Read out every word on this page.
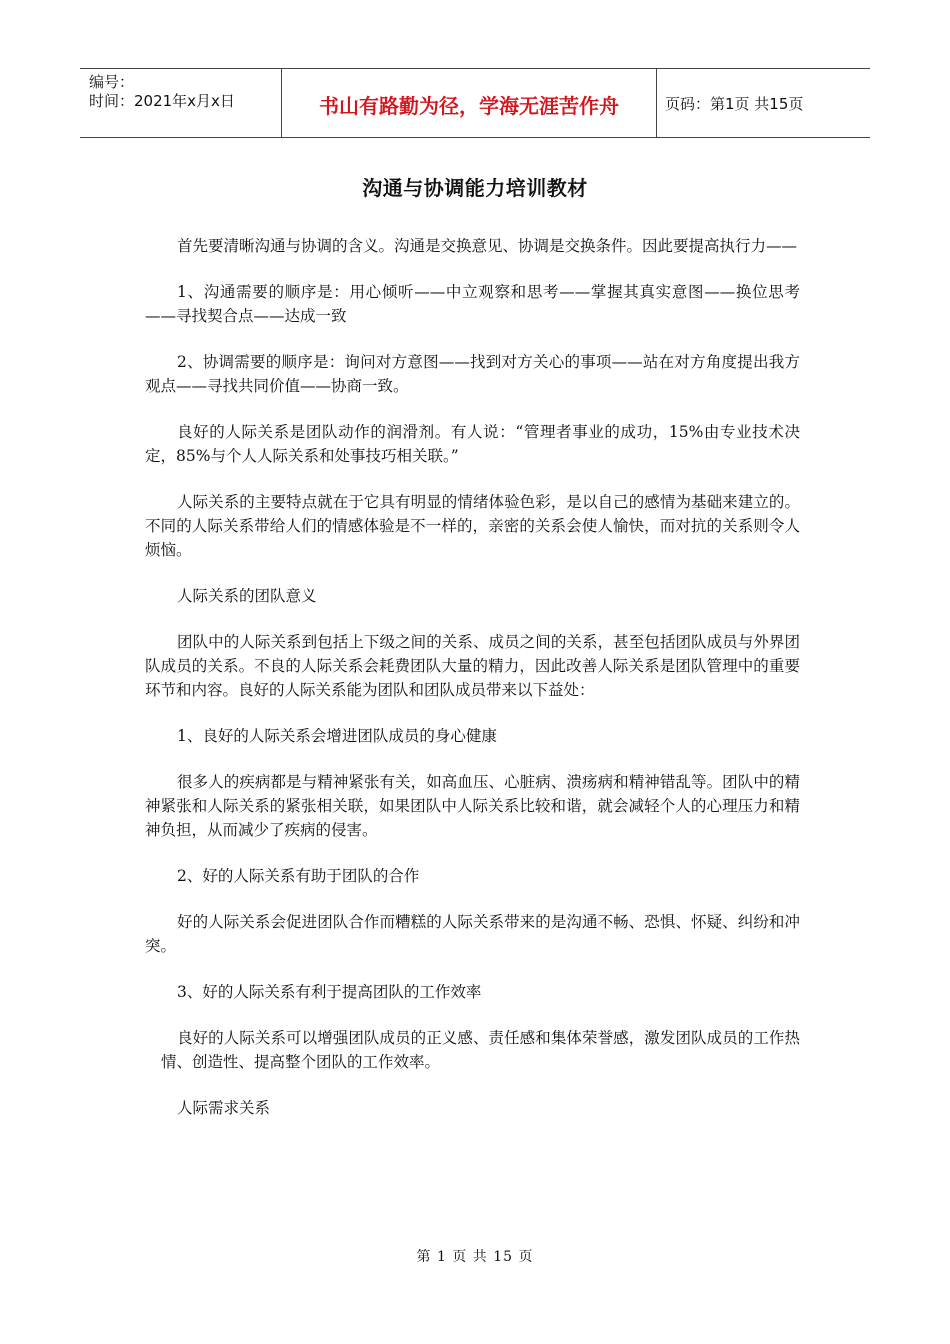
编号：
时间：2021年x月x日	书山有路勤为径，学海无涯苦作舟	页码：第1页 共15页
沟通与协调能力培训教材

首先要清晰沟通与协调的含义。沟通是交换意见、协调是交换条件。因此要提高执行力——

1、沟通需要的顺序是：用心倾听——中立观察和思考——掌握其真实意图——换位思考——寻找契合点——达成一致

2、协调需要的顺序是：询问对方意图——找到对方关心的事项——站在对方角度提出我方观点——寻找共同价值——协商一致。

良好的人际关系是团队动作的润滑剂。有人说：“管理者事业的成功，15%由专业技术决定，85%与个人人际关系和处事技巧相关联。”

人际关系的主要特点就在于它具有明显的情绪体验色彩，是以自己的感情为基础来建立的。不同的人际关系带给人们的情感体验是不一样的，亲密的关系会使人愉快，而对抗的关系则令人烦恼。

人际关系的团队意义

团队中的人际关系到包括上下级之间的关系、成员之间的关系，甚至包括团队成员与外界团队成员的关系。不良的人际关系会耗费团队大量的精力，因此改善人际关系是团队管理中的重要环节和内容。良好的人际关系能为团队和团队成员带来以下益处：

1、良好的人际关系会增进团队成员的身心健康

很多人的疾病都是与精神紧张有关，如高血压、心脏病、溃疡病和精神错乱等。团队中的精神紧张和人际关系的紧张相关联，如果团队中人际关系比较和谐，就会减轻个人的心理压力和精神负担，从而减少了疾病的侵害。

2、好的人际关系有助于团队的合作

好的人际关系会促进团队合作而糟糕的人际关系带来的是沟通不畅、恐惧、怀疑、纠纷和冲突。

3、好的人际关系有利于提高团队的工作效率

良好的人际关系可以增强团队成员的正义感、责任感和集体荣誉感，激发团队成员的工作热情、创造性、提高整个团队的工作效率。

人际需求关系

第 1 页 共 15 页
